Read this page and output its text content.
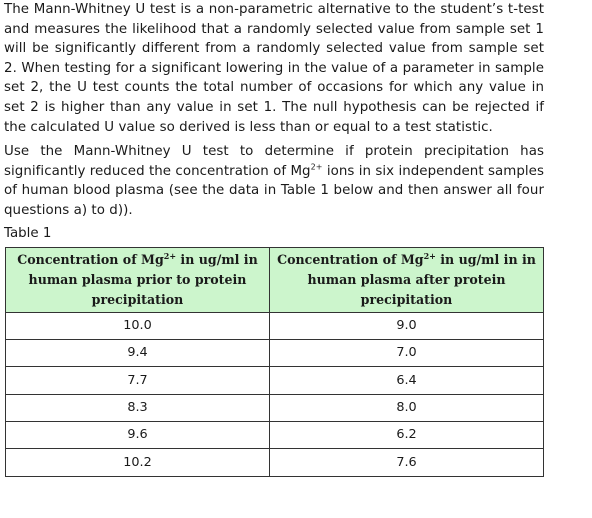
The Mann-Whitney U test is a non-parametric alternative to the student’s t-test and measures the likelihood that a randomly selected value from sample set 1 will be significantly different from a randomly selected value from sample set 2. When testing for a significant lowering in the value of a parameter in sample set 2, the U test counts the total number of occasions for which any value in set 2 is higher than any value in set 1. The null hypothesis can be rejected if the calculated U value so derived is less than or equal to a test statistic.

Use the Mann-Whitney U test to determine if protein precipitation has significantly reduced the concentration of $Mg^{2+}$ ions in six independent samples of human blood plasma (see the data in Table 1 below and then answer all four questions a) to d)).

Table 1
Concentration of $Mg^{2+}$ in ug/ml in human plasma prior to protein precipitation	Concentration of $Mg^{2+}$ in ug/ml in in human plasma after protein precipitation
10.0	9.0
9.4	7.0
7.7	6.4
8.3	8.0
9.6	6.2
10.2	7.6
